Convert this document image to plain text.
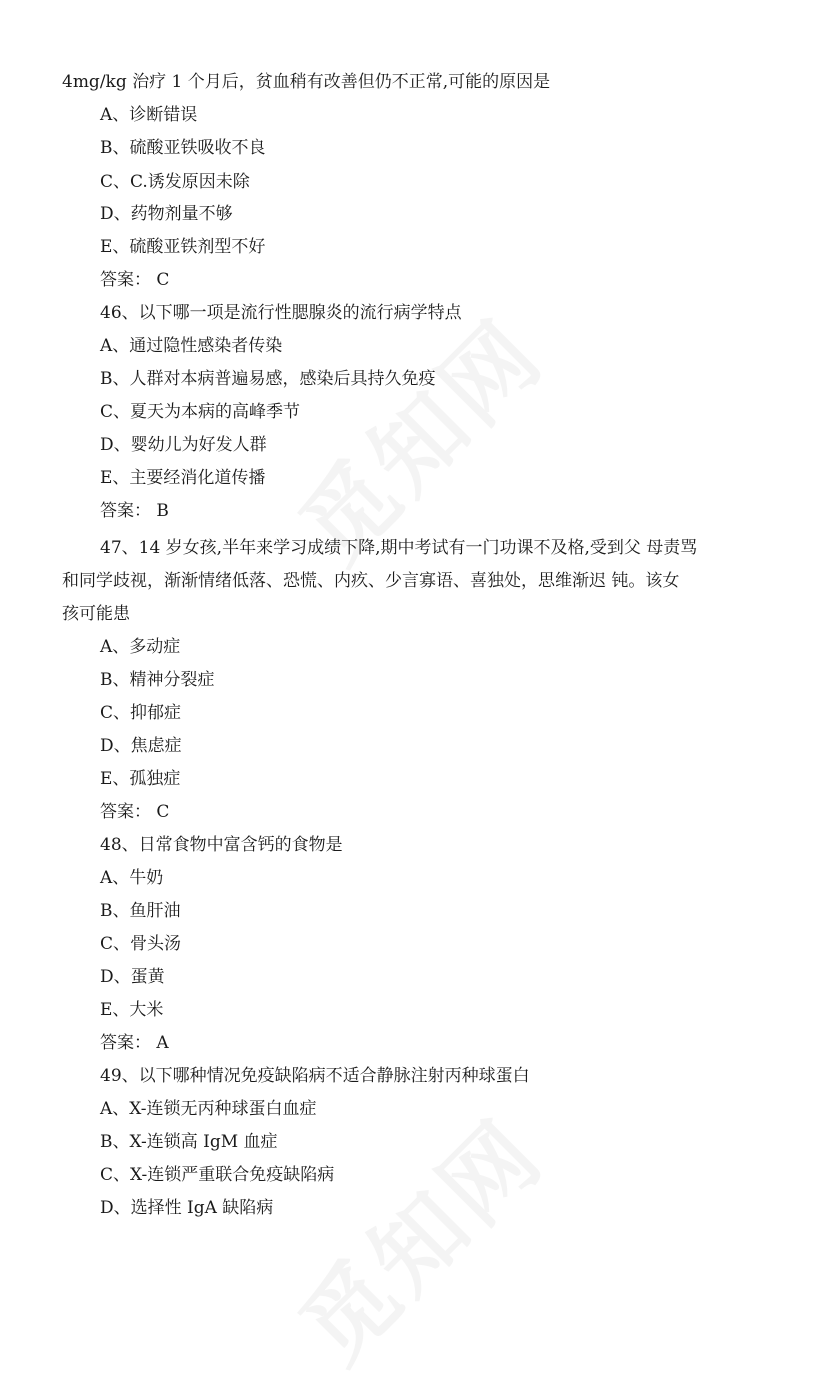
4mg/kg 治疗 1 个月后，贫血稍有改善但仍不正常,可能的原因是
A、诊断错误
B、硫酸亚铁吸收不良
C、C.诱发原因未除
D、药物剂量不够
E、硫酸亚铁剂型不好
答案： C
46、以下哪一项是流行性腮腺炎的流行病学特点
A、通过隐性感染者传染
B、人群对本病普遍易感，感染后具持久免疫
C、夏天为本病的高峰季节
D、婴幼儿为好发人群
E、主要经消化道传播
答案： B
47、14 岁女孩,半年来学习成绩下降,期中考试有一门功课不及格,受到父 母责骂
和同学歧视，渐渐情绪低落、恐慌、内疚、少言寡语、喜独处，思维渐迟 钝。该女
孩可能患
A、多动症
B、精神分裂症
C、抑郁症
D、焦虑症
E、孤独症
答案： C
48、日常食物中富含钙的食物是
A、牛奶
B、鱼肝油
C、骨头汤
D、蛋黄
E、大米
答案： A
49、以下哪种情况免疫缺陷病不适合静脉注射丙种球蛋白
A、X-连锁无丙种球蛋白血症
B、X-连锁高 IgM 血症
C、X-连锁严重联合免疫缺陷病
D、选择性 IgA 缺陷病
